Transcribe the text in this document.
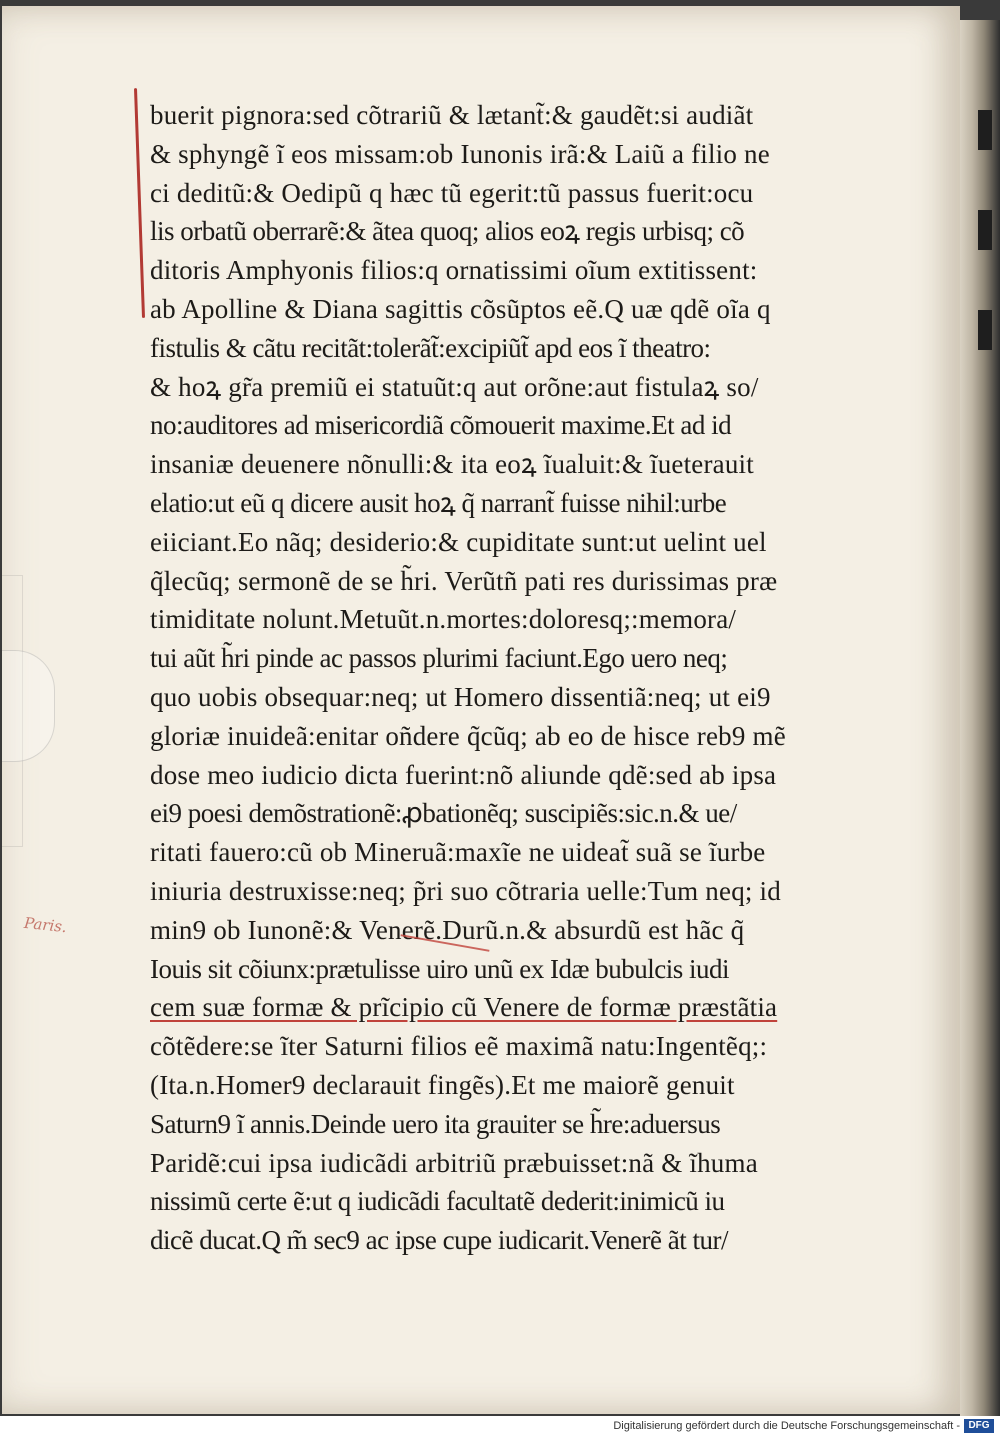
buerit pignora:sed cõtrariũ & lætant̃:& gaudẽt:si audiãt
& sphyngẽ ĩ eos missam:ob Iunonis irã:& Laiũ a filio ne
ci deditũ:& Oedipũ q hæc tũ egerit:tũ passus fuerit:ocu
lis orbatũ oberrarẽ:& ãtea quoq; alios eoꝝ regis urbisq; cõ
ditoris Amphyonis filios:q ornatissimi oĩum extitissent:
ab Apolline & Diana sagittis cõsũptos eẽ.Q uæ qdẽ oĩa q
fistulis & cãtu recitãt:tolerãt̃:excipiũt̃ apd eos ĩ theatro:
& hoꝝ gr̃a premiũ ei statuũt:q aut orõne:aut fistulaꝝ so/
no:auditores ad misericordiã cõmouerit maxime.Et ad id
insaniæ deuenere nõnulli:& ita eoꝝ ĩualuit:& ĩueterauit
elatio:ut eũ q dicere ausit hoꝝ q̃ narrant̃ fuisse nihil:urbe
eiiciant.Eo nãq; desiderio:& cupiditate sunt:ut uelint uel
q̃lecũq; sermonẽ de se h̃ri. Verũtñ pati res durissimas præ
timiditate nolunt.Metuũt.n.mortes:doloresq;:memora/
tui aũt h̃ri pinde ac passos plurimi faciunt.Ego uero neq;
quo uobis obsequar:neq; ut Homero dissentiã:neq; ut ei9
gloriæ inuideã:enitar oñdere q̃cũq; ab eo de hisce reb9 mẽ
dose meo iudicio dicta fuerint:nõ aliunde qdẽ:sed ab ipsa
ei9 poesi demõstrationẽ:ꝓbationẽq; suscipiẽs:sic.n.& ue/
ritati fauero:cũ ob Mineruã:maxĩe ne uideat̃ suã se ĩurbe
iniuria destruxisse:neq; p̃ri suo cõtraria uelle:Tum neq; id
min9 ob Iunonẽ:& Venerẽ.Durũ.n.& absurdũ est hãc q̃
Iouis sit cõiunx:prætulisse uiro unũ ex Idæ bubulcis iudi
cem suæ formæ & prĩcipio cũ Venere de formæ præstãtia
cõtẽdere:se ĩter Saturni filios eẽ maximã natu:Ingentẽq;:
(Ita.n.Homer9 declarauit fingẽs).Et me maiorẽ genuit
Saturn9 ĩ annis.Deinde uero ita grauiter se h̃re:aduersus
Paridẽ:cui ipsa iudicãdi arbitriũ præbuisset:nã & ĩhuma
nissimũ certe ẽ:ut q iudicãdi facultatẽ dederit:inimicũ iu
dicẽ ducat.Q m̃ sec9 ac ipse cupe iudicarit.Venerẽ ãt tur/
Paris.
Digitalisierung gefördert durch die Deutsche Forschungsgemeinschaft - DFG
